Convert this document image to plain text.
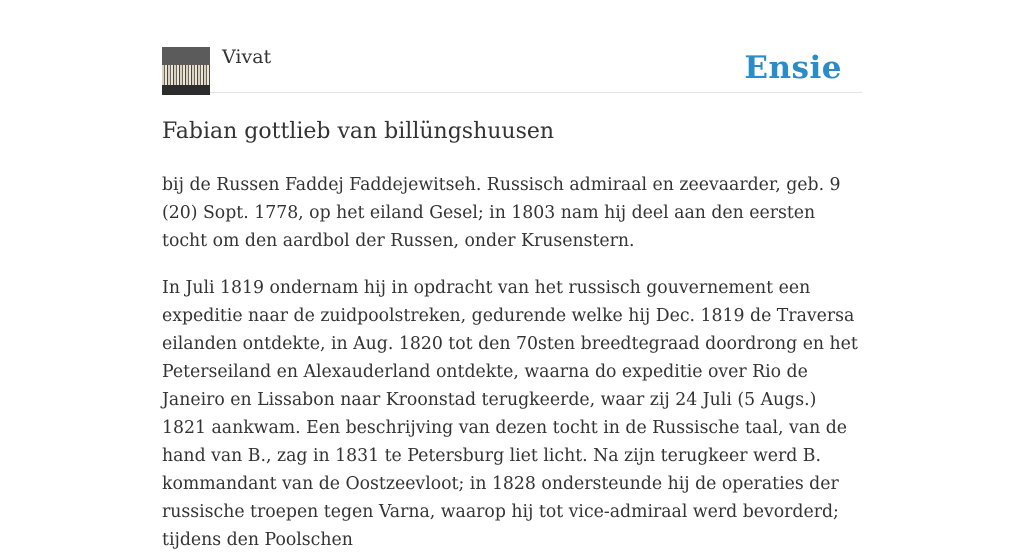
Vivat	Ensie
Fabian gottlieb van billüngshuusen

bij de Russen Faddej Faddejewitseh. Russisch admiraal en zeevaarder, geb. 9 (20) Sopt. 1778, op het eiland Gesel; in 1803 nam hij deel aan den eersten tocht om den aardbol der Russen, onder Krusenstern.

In Juli 1819 ondernam hij in opdracht van het russisch gouvernement een expeditie naar de zuidpoolstreken, gedurende welke hij Dec. 1819 de Traversa eilanden ontdekte, in Aug. 1820 tot den 70sten breedtegraad doordrong en het Peterseiland en Alexauderland ontdekte, waarna do expeditie over Rio de Janeiro en Lissabon naar Kroonstad terugkeerde, waar zij 24 Juli (5 Augs.) 1821 aankwam. Een beschrijving van dezen tocht in de Russische taal, van de hand van B., zag in 1831 te Petersburg liet licht. Na zijn terugkeer werd B. kommandant van de Oostzeevloot; in 1828 ondersteunde hij de operaties der russische troepen tegen Varna, waarop hij tot vice-admiraal werd bevorderd; tijdens den Poolschen
